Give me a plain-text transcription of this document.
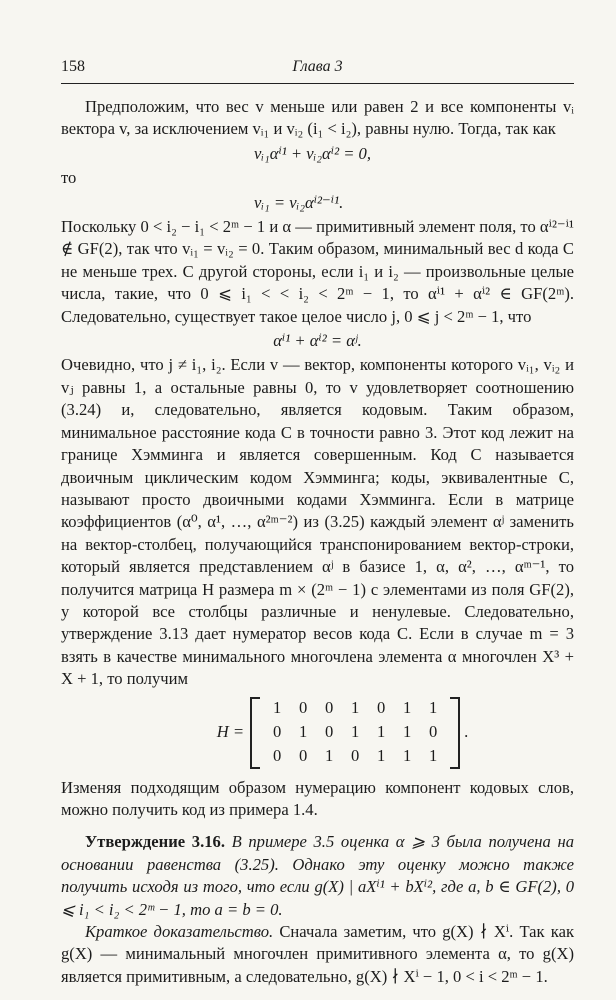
158	Глава 3

Предположим, что вес v меньше или равен 2 и все компоненты vᵢ вектора v, за исключением vᵢ₁ и vᵢ₂ (i₁ < i₂), равны нулю. Тогда, так как

vᵢ₁αⁱ¹ + vᵢ₂αⁱ² = 0,

то

vᵢ₁ = vᵢ₂αⁱ²⁻ⁱ¹.

Поскольку 0 < i₂ − i₁ < 2ᵐ − 1 и α — примитивный элемент поля, то αⁱ²⁻ⁱ¹ ∉ GF(2), так что vᵢ₁ = vᵢ₂ = 0. Таким образом, минимальный вес d кода C не меньше трех. С другой стороны, если i₁ и i₂ — произвольные целые числа, такие, что 0 ⩽ i₁ < < i₂ < 2ᵐ − 1, то αⁱ¹ + αⁱ² ∈ GF(2ᵐ). Следовательно, существует такое целое число j, 0 ⩽ j < 2ᵐ − 1, что

αⁱ¹ + αⁱ² = αʲ.

Очевидно, что j ≠ i₁, i₂. Если v — вектор, компоненты которого vᵢ₁, vᵢ₂ и vⱼ равны 1, а остальные равны 0, то v удовлетворяет соотношению (3.24) и, следовательно, является кодовым. Таким образом, минимальное расстояние кода C в точности равно 3. Этот код лежит на границе Хэмминга и является совершенным. Код C называется двоичным циклическим кодом Хэмминга; коды, эквивалентные C, называют просто двоичными кодами Хэмминга. Если в матрице коэффициентов (α⁰, α¹, …, α²ᵐ⁻²) из (3.25) каждый элемент αʲ заменить на вектор-столбец, получающийся транспонированием вектор-строки, который является представлением αʲ в базисе 1, α, α², …, αᵐ⁻¹, то получится матрица H размера m × (2ᵐ − 1) с элементами из поля GF(2), у которой все столбцы различные и ненулевые. Следовательно, утверждение 3.13 дает нумератор весов кода C. Если в случае m = 3 взять в качестве минимального многочлена элемента α многочлен X³ + X + 1, то получим

H =
1	0	0	1	0	1	1
0	1	0	1	1	1	0
0	0	1	0	1	1	1
.

Изменяя подходящим образом нумерацию компонент кодовых слов, можно получить код из примера 1.4.

Утверждение 3.16. В примере 3.5 оценка α ⩾ 3 была получена на основании равенства (3.25). Однако эту оценку можно также получить исходя из того, что если g(X) | aXⁱ¹ + bXⁱ², где a, b ∈ GF(2), 0 ⩽ i₁ < i₂ < 2ᵐ − 1, то a = b = 0.

Краткое доказательство. Сначала заметим, что g(X) ∤ Xⁱ. Так как g(X) — минимальный многочлен примитивного элемента α, то g(X) является примитивным, а следовательно, g(X) ∤ Xⁱ − 1, 0 < i < 2ᵐ − 1.
